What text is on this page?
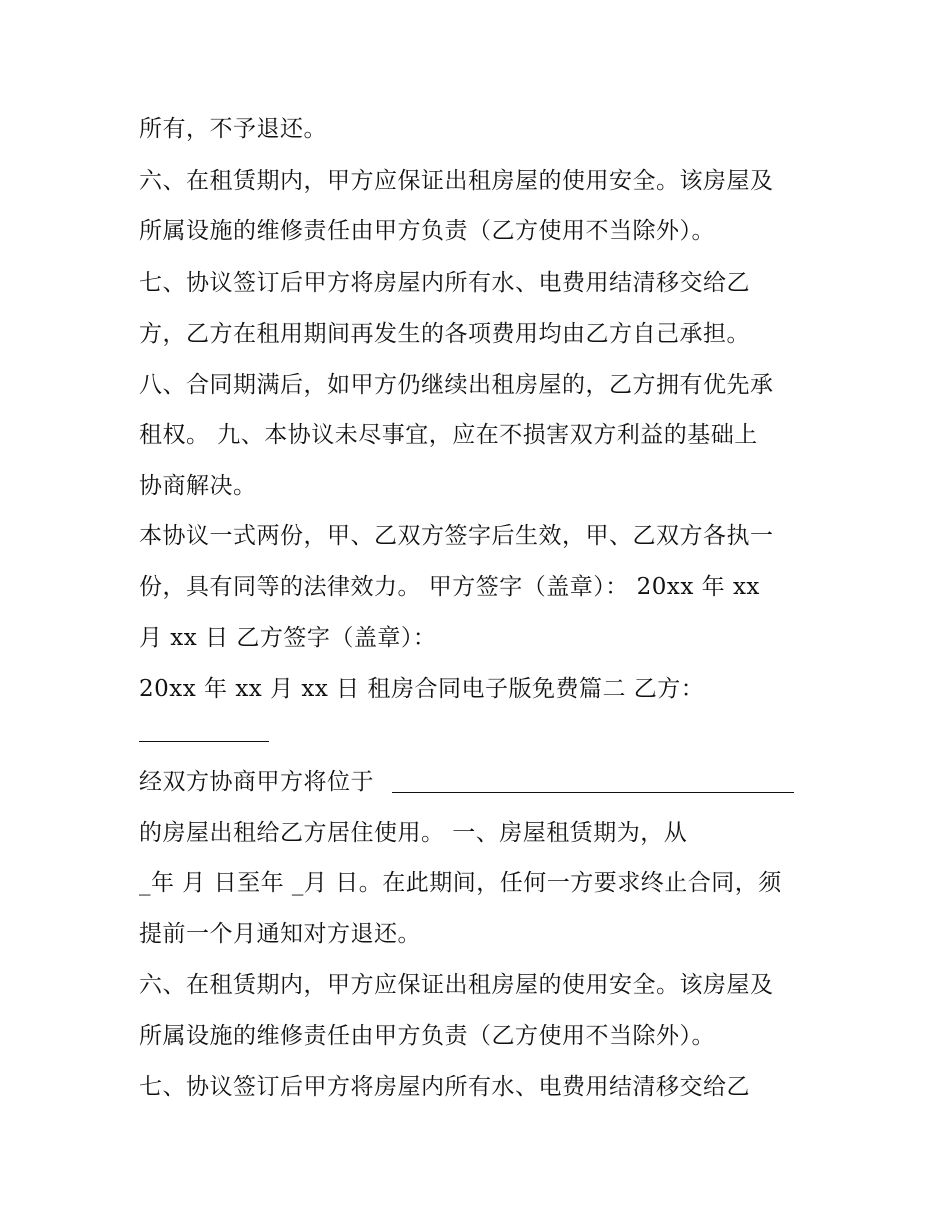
所有，不予退还。
六、在租赁期内，甲方应保证出租房屋的使用安全。该房屋及
所属设施的维修责任由甲方负责（乙方使用不当除外）。
七、协议签订后甲方将房屋内所有水、电费用结清移交给乙
方，乙方在租用期间再发生的各项费用均由乙方自己承担。
八、合同期满后，如甲方仍继续出租房屋的，乙方拥有优先承
租权。 九、本协议未尽事宜，应在不损害双方利益的基础上
协商解决。
本协议一式两份，甲、乙双方签字后生效，甲、乙双方各执一
份，具有同等的法律效力。 甲方签字（盖章）： 20xx 年 xx
月 xx 日 乙方签字（盖章）：
20xx 年 xx 月 xx 日 租房合同电子版免费篇二 乙方：
经双方协商甲方将位于
的房屋出租给乙方居住使用。 一、房屋租赁期为，从
_年 月 日至年 _月 日。在此期间，任何一方要求终止合同，须
提前一个月通知对方退还。
六、在租赁期内，甲方应保证出租房屋的使用安全。该房屋及
所属设施的维修责任由甲方负责（乙方使用不当除外）。
七、协议签订后甲方将房屋内所有水、电费用结清移交给乙
